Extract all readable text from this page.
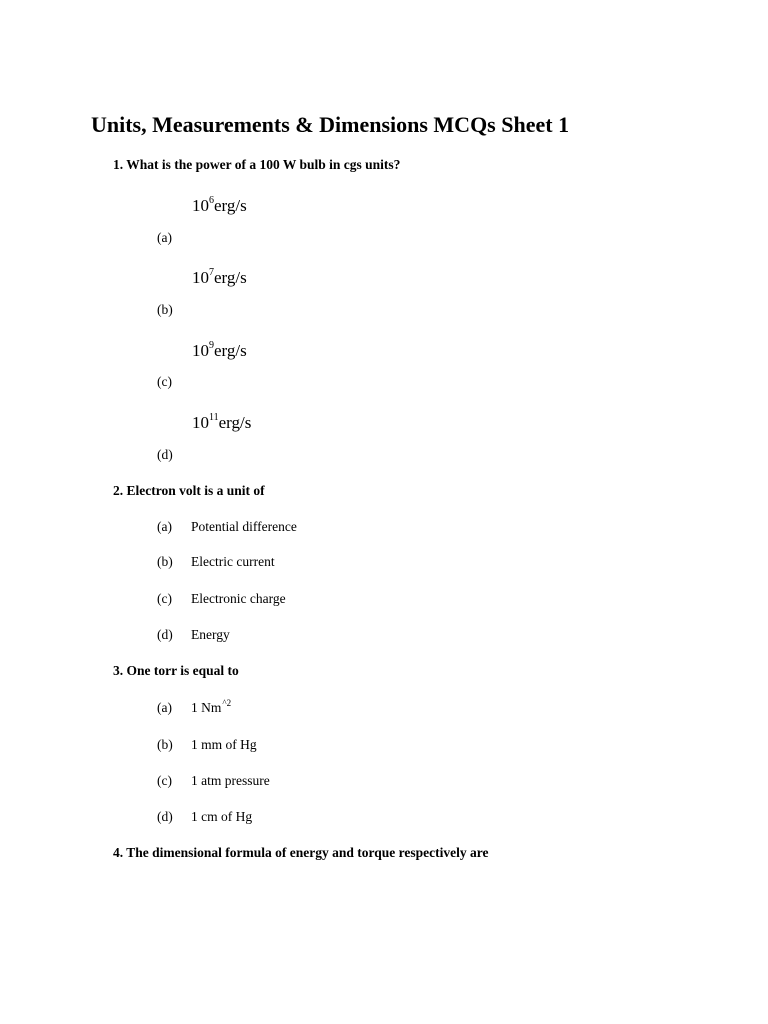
Units, Measurements & Dimensions MCQs Sheet 1
1. What is the power of a 100 W bulb in cgs units?
$10^6erg/s$
(a)
$10^7erg/s$
(b)
$10^9erg/s$
(c)
$10^{11}erg/s$
(d)
2. Electron volt is a unit of
(a) Potential difference
(b) Electric current
(c) Electronic charge
(d) Energy
3. One torr is equal to
(a) 1 $Nm^{\^{}2}$
(b) 1 mm of Hg
(c) 1 atm pressure
(d) 1 cm of Hg
4. The dimensional formula of energy and torque respectively are
